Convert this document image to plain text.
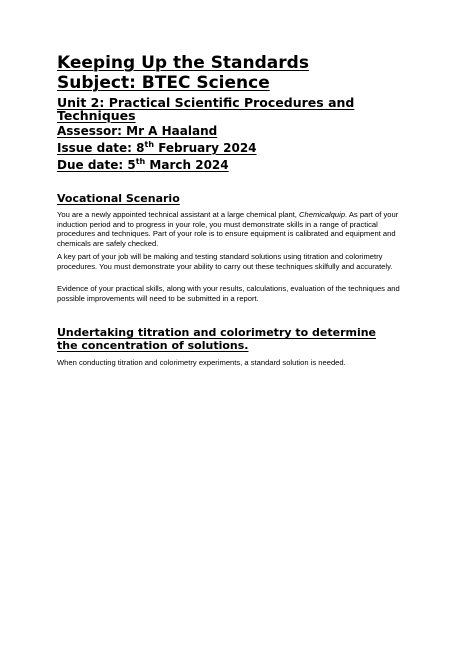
Keeping Up the Standards
Subject: BTEC Science
Unit 2: Practical Scientific Procedures and Techniques
Assessor: Mr A Haaland
Issue date: 8th February 2024
Due date: 5th March 2024
Vocational Scenario

You are a newly appointed technical assistant at a large chemical plant, Chemicalquip. As part of your induction period and to progress in your role, you must demonstrate skills in a range of practical procedures and techniques. Part of your role is to ensure equipment is calibrated and equipment and chemicals are safely checked.

A key part of your job will be making and testing standard solutions using titration and colorimetry procedures. You must demonstrate your ability to carry out these techniques skilfully and accurately.

Evidence of your practical skills, along with your results, calculations, evaluation of the techniques and possible improvements will need to be submitted in a report.

Undertaking titration and colorimetry to determine the concentration of solutions.

When conducting titration and colorimetry experiments, a standard solution is needed.
